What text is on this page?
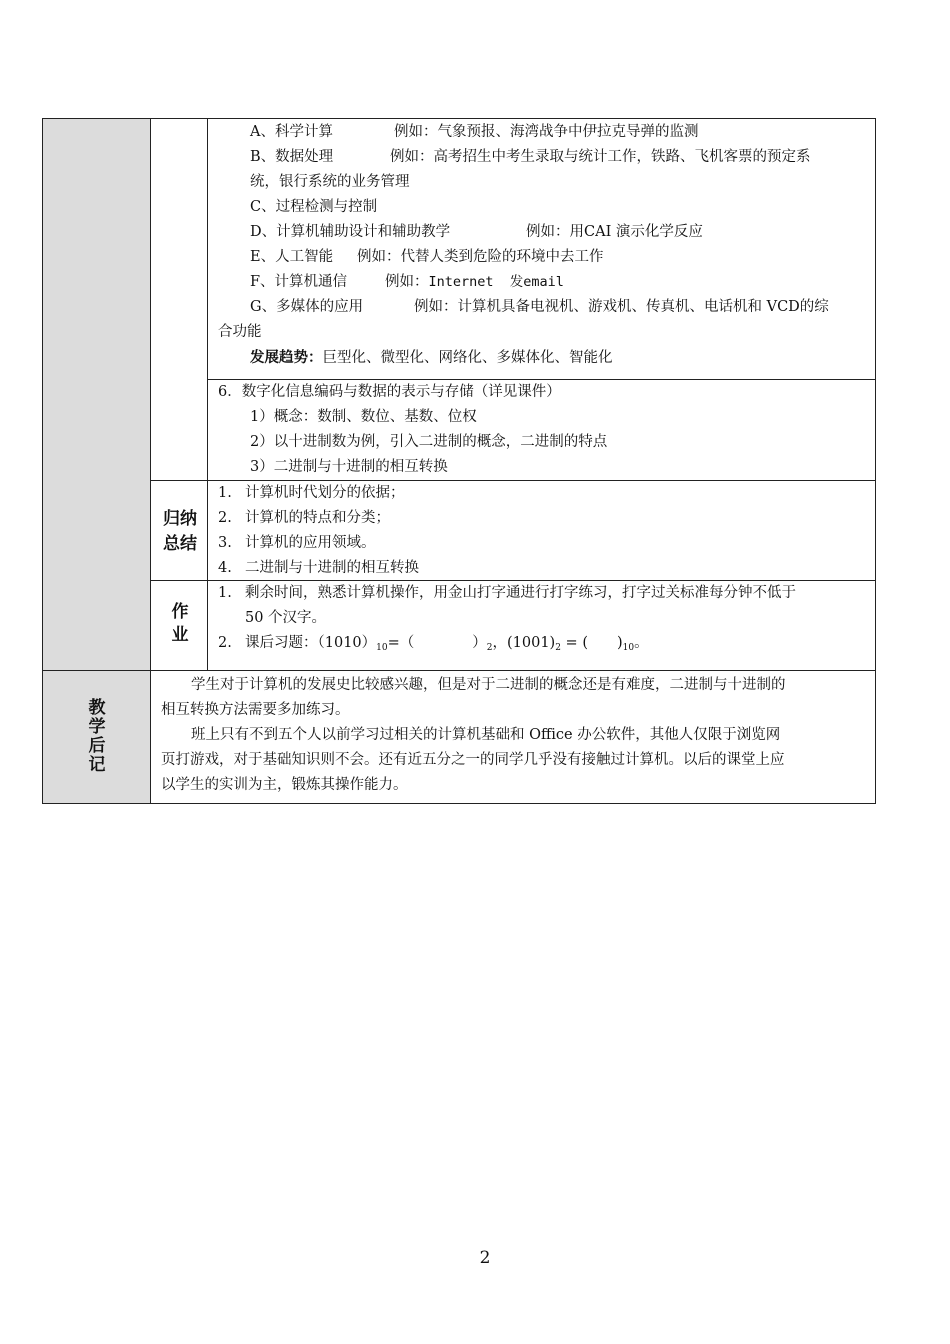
A、科学计算	例如：气象预报、海湾战争中伊拉克导弹的监测
B、数据处理	例如：高考招生中考生录取与统计工作，铁路、飞机客票的预定系
统，银行系统的业务管理
C、过程检测与控制
D、计算机辅助设计和辅助教学	例如：用CAI 演示化学反应
E、人工智能 例如：代替人类到危险的环境中去工作
F、计算机通信	例如：Internet  发email
G、多媒体的应用	例如：计算机具备电视机、游戏机、传真机、电话机和 VCD的综
合功能
发展趋势：巨型化、微型化、网络化、多媒体化、智能化
6．数字化信息编码与数据的表示与存储（详见课件）
1）概念：数制、数位、基数、位权
2）以十进制数为例，引入二进制的概念，二进制的特点
3）二进制与十进制的相互转换
归纳总结
1. 计算机时代划分的依据；
2. 计算机的特点和分类；
3. 计算机的应用领域。
4. 二进制与十进制的相互转换
作业
1. 剩余时间，熟悉计算机操作，用金山打字通进行打字练习，打字过关标准每分钟不低于
50 个汉字。
2. 课后习题：$(1010)_{10}=$（　　　　）$_2$，$(1001)_2$ = (　　)$_{10}$。
教学后记
学生对于计算机的发展史比较感兴趣，但是对于二进制的概念还是有难度，二进制与十进制的
相互转换方法需要多加练习。
班上只有不到五个人以前学习过相关的计算机基础和 Office 办公软件，其他人仅限于浏览网
页打游戏，对于基础知识则不会。还有近五分之一的同学几乎没有接触过计算机。以后的课堂上应
以学生的实训为主，锻炼其操作能力。
2
